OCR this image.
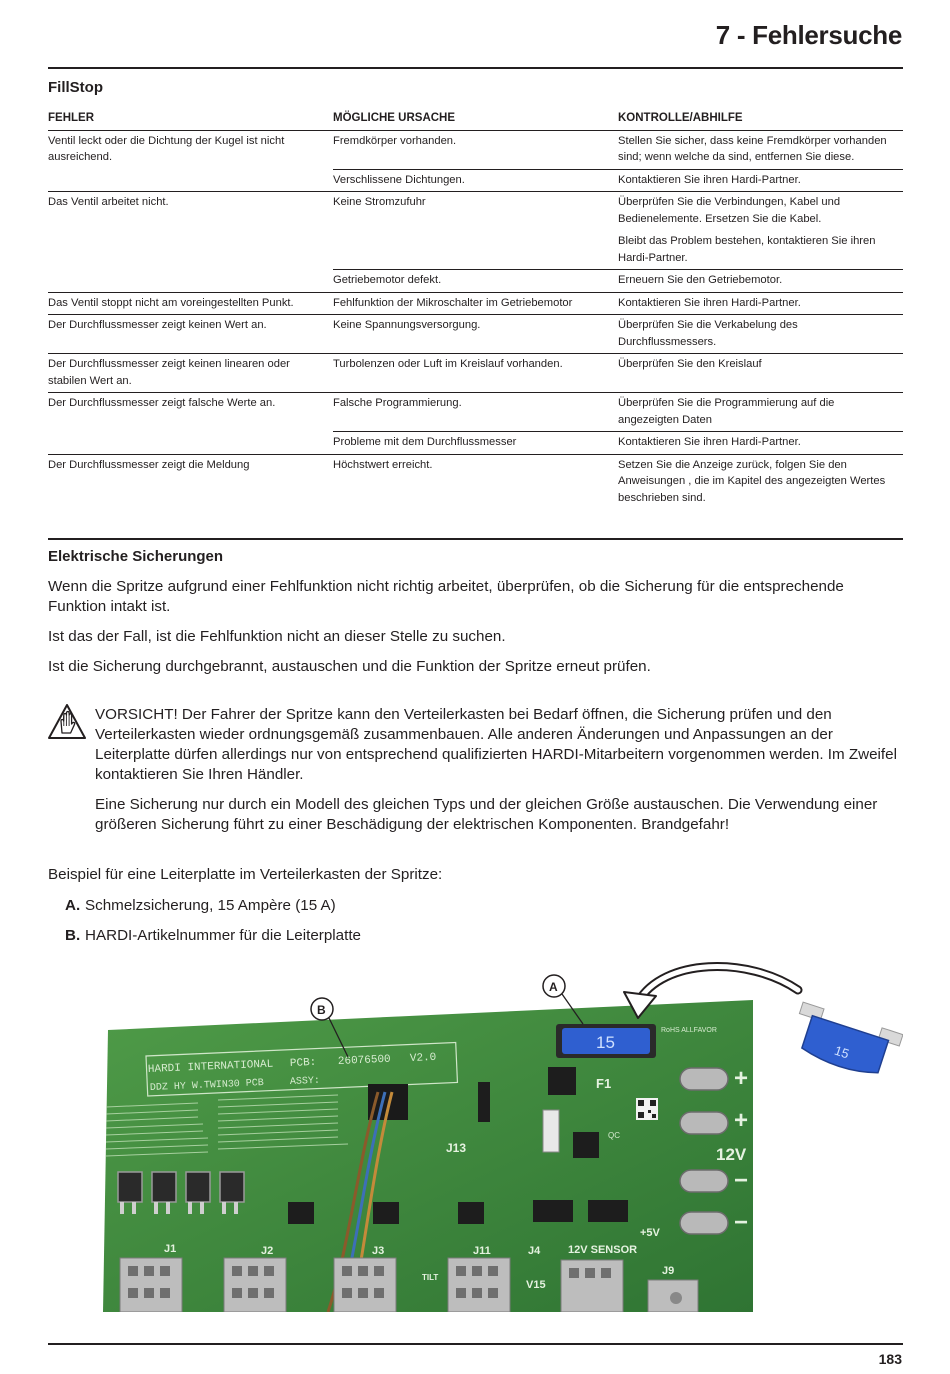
7 - Fehlersuche
FillStop
FEHLER	MÖGLICHE URSACHE	KONTROLLE/ABHILFE
Ventil leckt oder die Dichtung der Kugel ist nicht ausreichend.	Fremdkörper vorhanden.	Stellen Sie sicher, dass keine Fremdkörper vorhanden sind; wenn welche da sind, entfernen Sie diese.
	Verschlissene Dichtungen.	Kontaktieren Sie ihren Hardi-Partner.
Das Ventil arbeitet nicht.	Keine Stromzufuhr	Überprüfen Sie die Verbindungen, Kabel und Bedienelemente. Ersetzen Sie die Kabel.

Bleibt das Problem bestehen, kontaktieren Sie ihren Hardi-Partner.

	Getriebemotor defekt.	Erneuern Sie den Getriebemotor.
Das Ventil stoppt nicht am voreingestellten Punkt.	Fehlfunktion der Mikroschalter im Getriebemotor	Kontaktieren Sie ihren Hardi-Partner.
Der Durchflussmesser zeigt keinen Wert an.	Keine Spannungsversorgung.	Überprüfen Sie die Verkabelung des Durchflussmessers.
Der Durchflussmesser zeigt keinen linearen oder stabilen Wert an.	Turbolenzen oder Luft im Kreislauf vorhanden.	Überprüfen Sie den Kreislauf
Der Durchflussmesser zeigt falsche Werte an.	Falsche Programmierung.	Überprüfen Sie die Programmierung auf die angezeigten Daten
	Probleme mit dem Durchflussmesser	Kontaktieren Sie ihren Hardi-Partner.
Der Durchflussmesser zeigt die Meldung	Höchstwert erreicht.	Setzen Sie die Anzeige zurück, folgen Sie den Anweisungen , die im Kapitel des angezeigten Wertes beschrieben sind.
Elektrische Sicherungen

Wenn die Spritze aufgrund einer Fehlfunktion nicht richtig arbeitet, überprüfen, ob die Sicherung für die entsprechende Funktion intakt ist.

Ist das der Fall, ist die Fehlfunktion nicht an dieser Stelle zu suchen.

Ist die Sicherung durchgebrannt, austauschen und die Funktion der Spritze erneut prüfen.

VORSICHT! Der Fahrer der Spritze kann den Verteilerkasten bei Bedarf öffnen, die Sicherung prüfen und den Verteilerkasten wieder ordnungsgemäß zusammenbauen. Alle anderen Änderungen und Anpassungen an der Leiterplatte dürfen allerdings nur von entsprechend qualifizierten HARDI-Mitarbeitern vorgenommen werden. Im Zweifel kontaktieren Sie Ihren Händler.

Eine Sicherung nur durch ein Modell des gleichen Typs und der gleichen Größe austauschen. Die Verwendung einer größeren Sicherung führt zu einer Beschädigung der elektrischen Komponenten. Brandgefahr!

Beispiel für eine Leiterplatte im Verteilerkasten der Spritze:

A. Schmelzsicherung, 15 Ampère (15 A)

B. HARDI-Artikelnummer für die Leiterplatte

HARDI INTERNATIONAL PCB: 26076500 V2.0
DDZ HY W.TWIN30 PCB	ASSY:
J13
15
F1
RoHS ALLFAVOR
QC
+
+
12V
−
−
J1	J2	J3	J11	J4	12V SENSOR
+5V
J9
V15
TILT
15
A
B

183
